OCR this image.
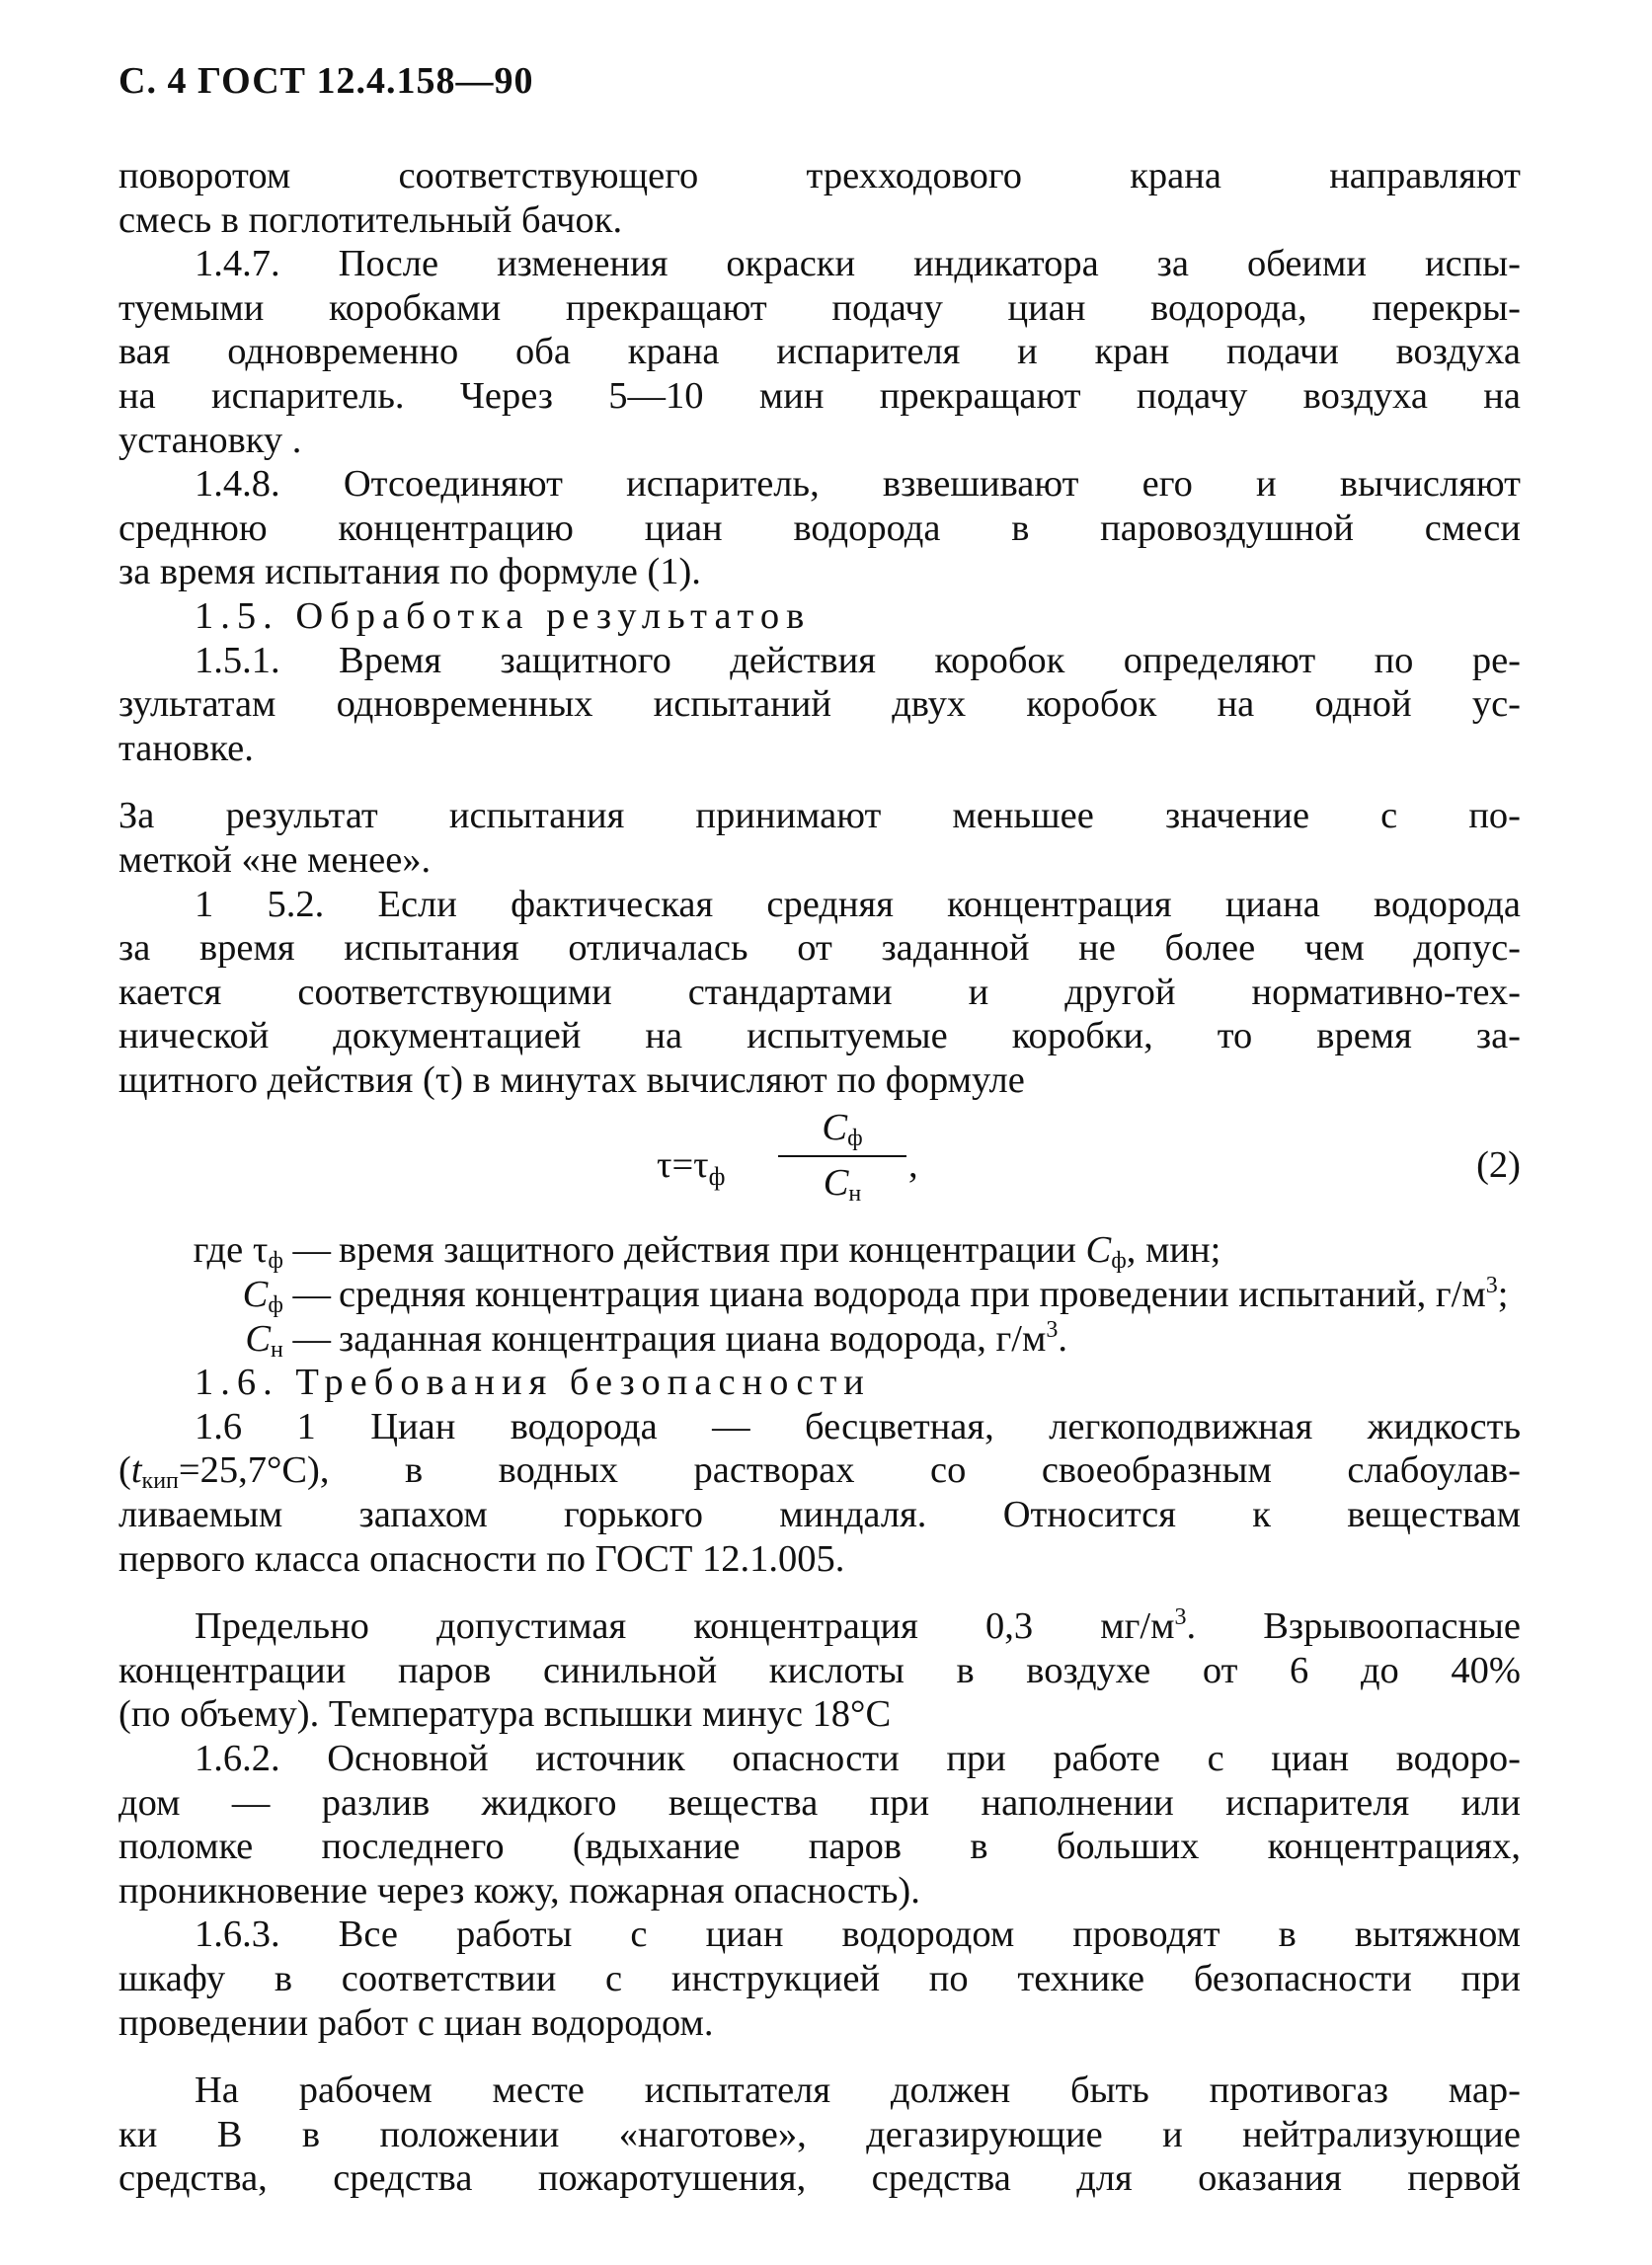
С. 4 ГОСТ 12.4.158—90

поворотом соответствующего трехходового крана направляют

смесь в поглотительный бачок.

1.4.7. После изменения окраски индикатора за обеими испы-

туемыми коробками прекращают подачу циан водорода, перекры-

вая одновременно оба крана испарителя и кран подачи воздуха

на испаритель. Через 5—10 мин прекращают подачу воздуха на

установку .

1.4.8. Отсоединяют испаритель, взвешивают его и вычисляют

среднюю концентрацию циан водорода в паровоздушной смеси

за время испытания по формуле (1).

1.5. Обработка результатов

1.5.1. Время защитного действия коробок определяют по ре-

зультатам одновременных испытаний двух коробок на одной ус-

тановке.

За результат испытания принимают меньшее значение с по-

меткой «не менее».

1 5.2. Если фактическая средняя концентрация циана водорода

за время испытания отличалась от заданной не более чем допус-

кается соответствующими стандартами и другой нормативно-тех-

нической документацией на испытуемые коробки, то время за-

щитного действия (τ) в минутах вычисляют по формуле

$\tau=\tau_ф$
$C_ф$
$C_н$
,	(2)
где $\tau_ф$ — время защитного действия при концентрации $C_ф$, мин;
$C_ф$ — средняя концентрация циана водорода при проведении испытаний, $г/м^3$;
$C_н$ — заданная концентрация циана водорода, $г/м^3$.

1.6. Требования безопасности

1.6 1 Циан водорода — бесцветная, легкоподвижная жидкость

$(t_{кип}=25,7^\circ С)$, в водных растворах со своеобразным слабоулав-

ливаемым запахом горького миндаля. Относится к веществам

первого класса опасности по ГОСТ 12.1.005.

Предельно допустимая концентрация 0,3 $мг/м^3$. Взрывоопасные

концентрации паров синильной кислоты в воздухе от 6 до 40%

(по объему). Температура вспышки минус 18°С

1.6.2. Основной источник опасности при работе с циан водоро-

дом — разлив жидкого вещества при наполнении испарителя или

поломке последнего (вдыхание паров в больших концентрациях,

проникновение через кожу, пожарная опасность).

1.6.3. Все работы с циан водородом проводят в вытяжном

шкафу в соответствии с инструкцией по технике безопасности при

проведении работ с циан водородом.

На рабочем месте испытателя должен быть противогаз мар-

ки В в положении «наготове», дегазирующие и нейтрализующие

средства, средства пожаротушения, средства для оказания первой
